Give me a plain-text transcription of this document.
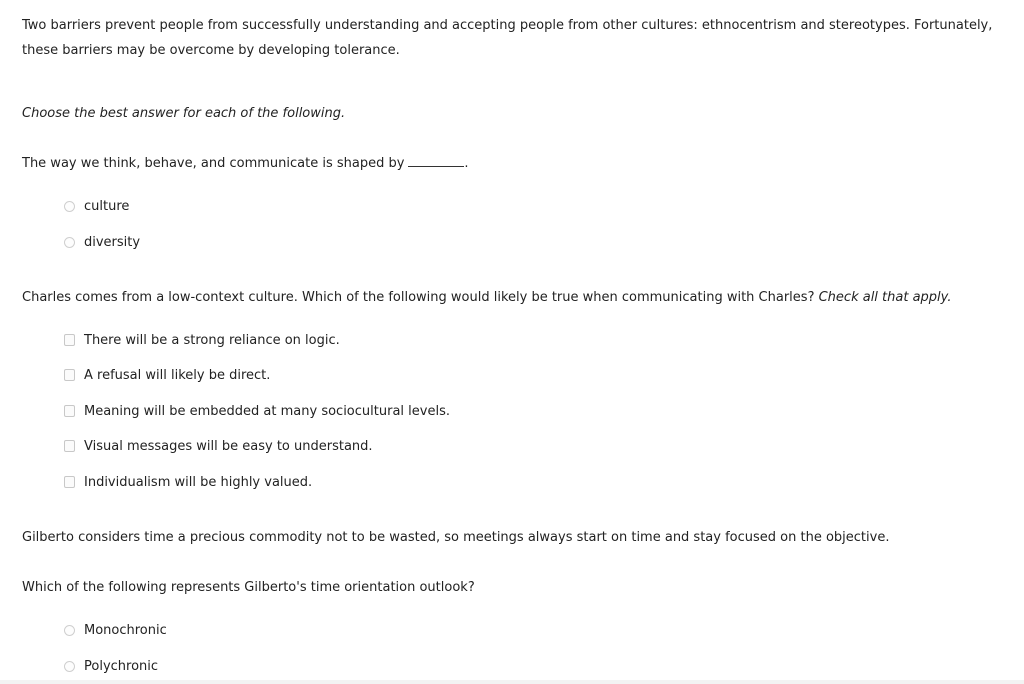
Two barriers prevent people from successfully understanding and accepting people from other cultures: ethnocentrism and stereotypes. Fortunately, these barriers may be overcome by developing tolerance.

Choose the best answer for each of the following.

The way we think, behave, and communicate is shaped by	.

culture
diversity

Charles comes from a low-context culture. Which of the following would likely be true when communicating with Charles? Check all that apply.

There will be a strong reliance on logic.
A refusal will likely be direct.
Meaning will be embedded at many sociocultural levels.
Visual messages will be easy to understand.
Individualism will be highly valued.

Gilberto considers time a precious commodity not to be wasted, so meetings always start on time and stay focused on the objective.

Which of the following represents Gilberto's time orientation outlook?

Monochronic
Polychronic
